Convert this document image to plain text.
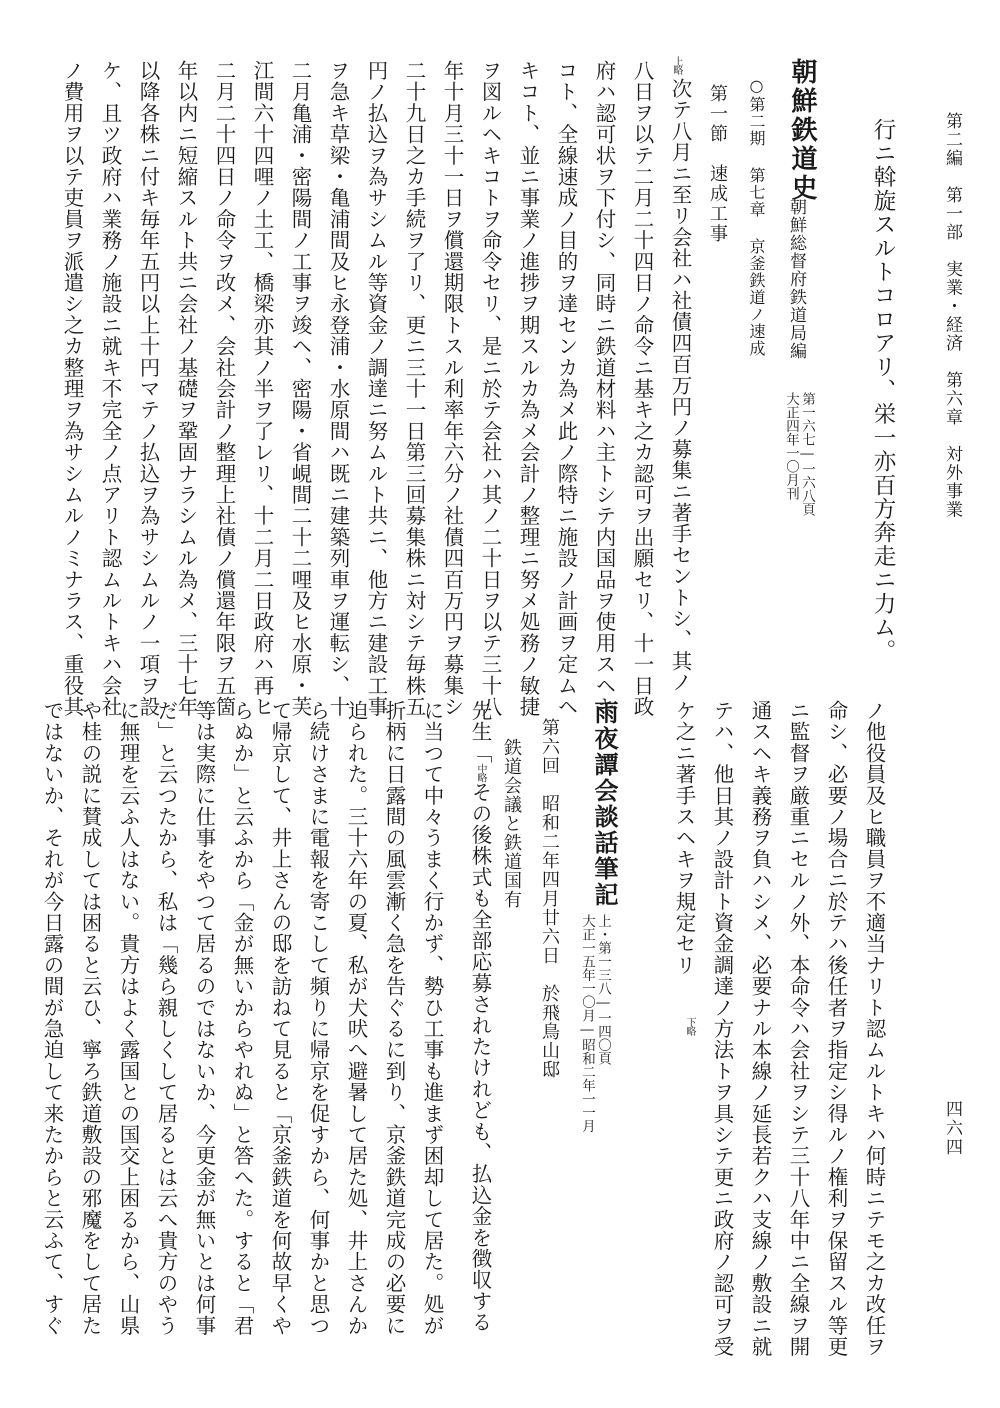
第二編　第一部　実業・経済　第六章　対外事業
四六四
行ニ斡旋スルトコロアリ、栄一亦百方奔走ニ力ム。
朝鮮鉄道史
朝鮮総督府鉄道局編
第一六七―一六八頁
大正四年一〇月刊
○第二期 第七章 京釜鉄道ノ速成
第一節　速成工事
上略
次テ八月ニ至リ会社ハ社債四百万円ノ募集ニ著手セントシ、其ノ
八日ヲ以テ二月二十四日ノ命令ニ基キ之カ認可ヲ出願セリ、十一日政
府ハ認可状ヲ下付シ、同時ニ鉄道材料ハ主トシテ内国品ヲ使用スヘキ
コト、全線速成ノ目的ヲ達センカ為メ此ノ際特ニ施設ノ計画ヲ定ムヘ
キコト、並ニ事業ノ進捗ヲ期スルカ為メ会計ノ整理ニ努メ処務ノ敏捷
ヲ図ルヘキコトヲ命令セリ、是ニ於テ会社ハ其ノ二十日ヲ以テ三十八
年十月三十一日ヲ償還期限トスル利率年六分ノ社債四百万円ヲ募集シ
二十九日之カ手続ヲ了リ、更ニ三十一日第三回募集株ニ対シテ毎株五
円ノ払込ヲ為サシムル等資金ノ調達ニ努ムルト共ニ、他方ニ建設工事
ヲ急キ草梁・亀浦間及ヒ永登浦・水原間ハ既ニ建築列車ヲ運転シ、十
二月亀浦・密陽間ノ工事ヲ竣ヘ、密陽・省峴間二十二哩及ヒ水原・芙
江間六十四哩ノ土工、橋梁亦其ノ半ヲ了レリ、十二月二日政府ハ再ヒ
二月二十四日ノ命令ヲ改メ、会社会計ノ整理上社債ノ償還年限ヲ五箇
年以内ニ短縮スルト共ニ会社ノ基礎ヲ鞏固ナラシムル為メ、三十七年
以降各株ニ付キ毎年五円以上十円マテノ払込ヲ為サシムルノ一項ヲ設
ケ、且ツ政府ハ業務ノ施設ニ就キ不完全ノ点アリト認ムルトキハ会社
ノ費用ヲ以テ吏員ヲ派遣シ之カ整理ヲ為サシムルノミナラス、重役其
ノ他役員及ヒ職員ヲ不適当ナリト認ムルトキハ何時ニテモ之カ改任ヲ
命シ、必要ノ場合ニ於テハ後任者ヲ指定シ得ルノ権利ヲ保留スル等更
ニ監督ヲ厳重ニセルノ外、本命令ハ会社ヲシテ三十八年中ニ全線ヲ開
通スヘキ義務ヲ負ハシメ、必要ナル本線ノ延長若クハ支線ノ敷設ニ就
テハ、他日其ノ設計ト資金調達ノ方法トヲ具シテ更ニ政府ノ認可ヲ受
ケ之ニ著手スヘキヲ規定セリ
下略
雨夜譚会談話筆記
上・第一三八―一四〇頁
大正一五年一〇月―昭和二年一一月
第六回　昭和二年四月廿六日　於飛鳥山邸
鉄道会議と鉄道国有
先生「中略その後株式も全部応募されたけれども、払込金を徴収する
に当つて中々うまく行かず、勢ひ工事も進まず困却して居た。処が
折柄に日露間の風雲漸く急を告ぐるに到り、京釜鉄道完成の必要に
迫られた。三十六年の夏、私が犬吠へ避暑して居た処、井上さんか
ら続けさまに電報を寄こして頻りに帰京を促すから、何事かと思つ
て帰京して、井上さんの邸を訪ねて見ると「京釜鉄道を何故早くや
らぬか」と云ふから「金が無いからやれぬ」と答へた。すると「君
等は実際に仕事をやつて居るのではないか、今更金が無いとは何事
だ」と云つたから、私は「幾ら親しくして居るとは云へ貴方のやう
に無理を云ふ人はない。貴方はよく露国との国交上困るから、山県
や桂の説に賛成しては困ると云ひ、寧ろ鉄道敷設の邪魔をして居た
ではないか、それが今日露の間が急迫して来たからと云ふて、すぐ
